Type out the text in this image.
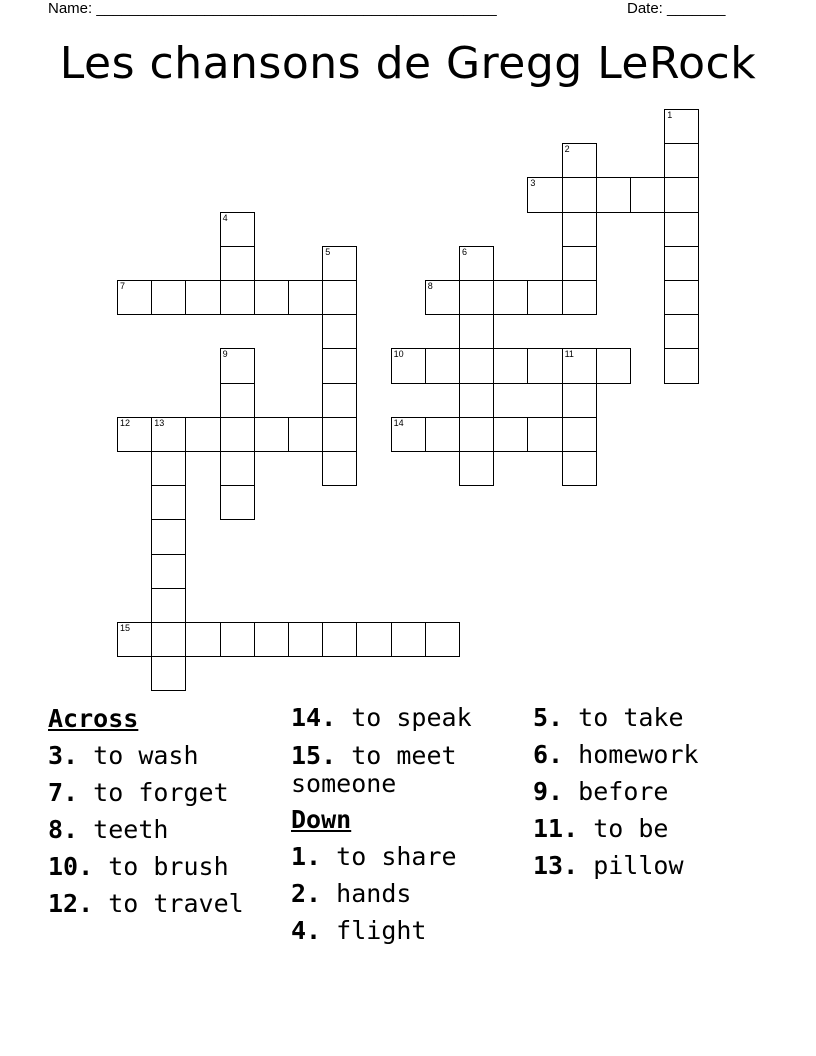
Name: ________________________________________________	Date: _______
Les chansons de Gregg LeRock
1
2
3
4
5	6
7	8
9	10	11
12	13	14
15
Across
3. to wash
7. to forget
8. teeth
10. to brush
12. to travel
14. to speak
15. to meet someone
Down
1. to share
2. hands
4. flight
5. to take
6. homework
9. before
11. to be
13. pillow
